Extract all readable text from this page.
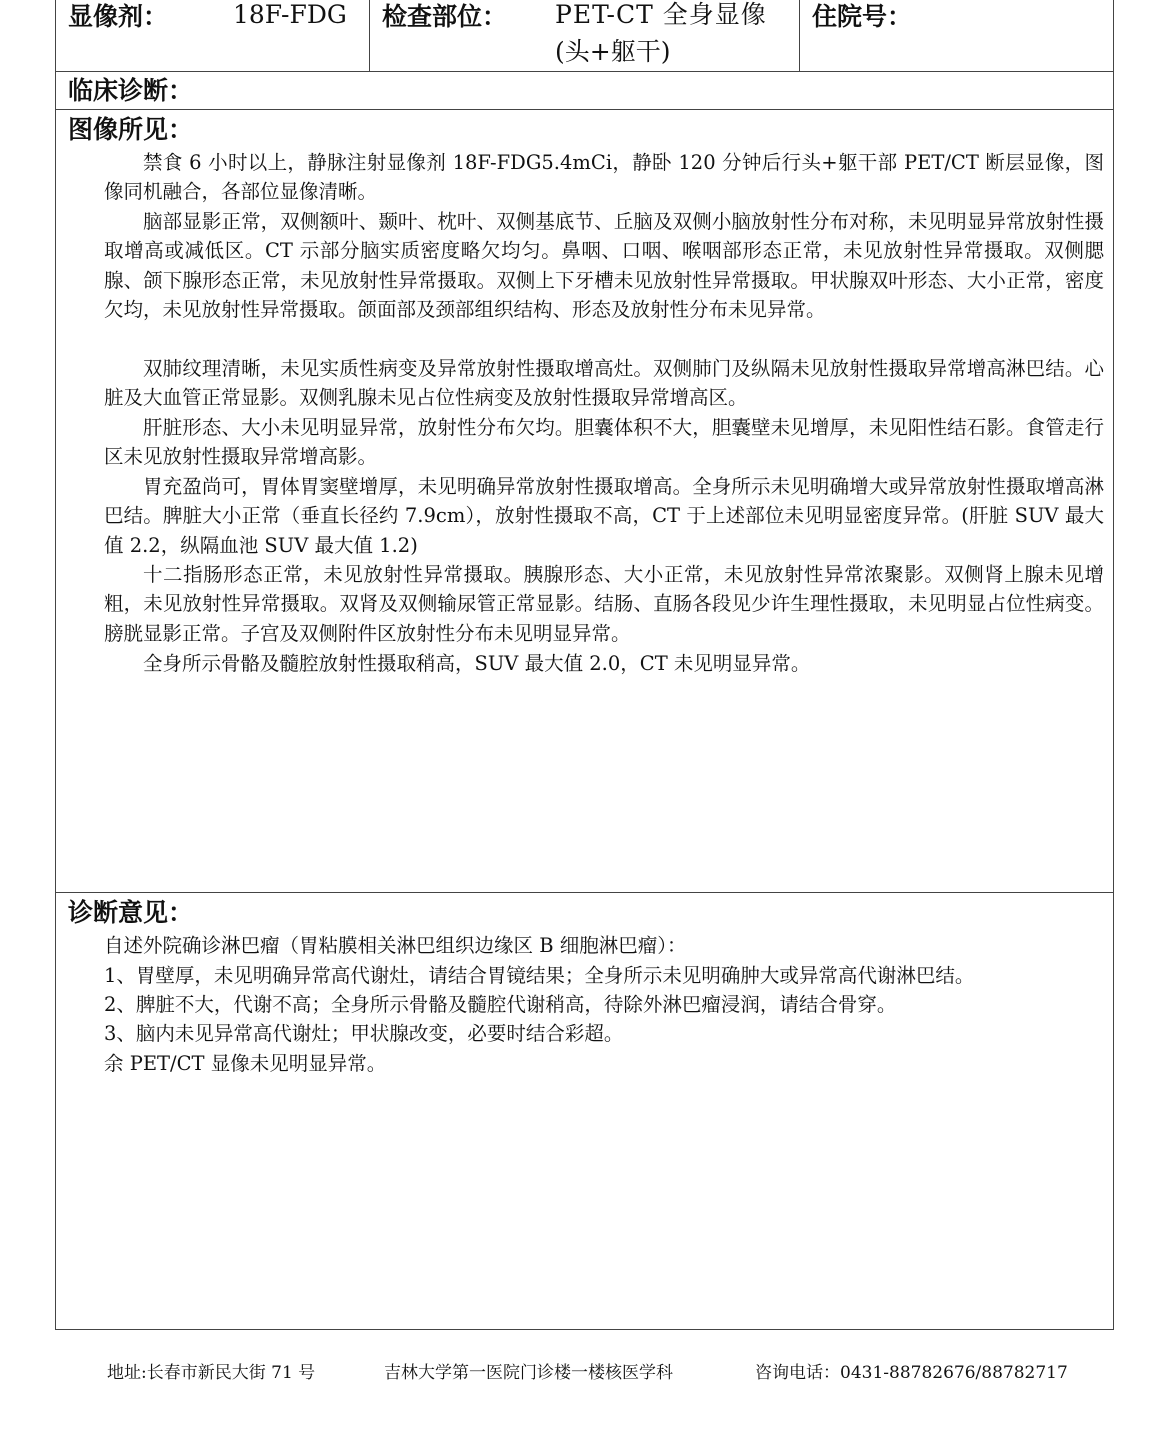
显像剂：	18F-FDG 检查部位： PET-CT 全身显像
(头+躯干)
住院号：
临床诊断：
图像所见：

禁食 6 小时以上，静脉注射显像剂 18F-FDG5.4mCi，静卧 120 分钟后行头+躯干部 PET/CT 断层显像，图像同机融合，各部位显像清晰。

脑部显影正常，双侧额叶、颞叶、枕叶、双侧基底节、丘脑及双侧小脑放射性分布对称，未见明显异常放射性摄取增高或减低区。CT 示部分脑实质密度略欠均匀。鼻咽、口咽、喉咽部形态正常，未见放射性异常摄取。双侧腮腺、颌下腺形态正常，未见放射性异常摄取。双侧上下牙槽未见放射性异常摄取。甲状腺双叶形态、大小正常，密度欠均，未见放射性异常摄取。颌面部及颈部组织结构、形态及放射性分布未见异常。

双肺纹理清晰，未见实质性病变及异常放射性摄取增高灶。双侧肺门及纵隔未见放射性摄取异常增高淋巴结。心脏及大血管正常显影。双侧乳腺未见占位性病变及放射性摄取异常增高区。

肝脏形态、大小未见明显异常，放射性分布欠均。胆囊体积不大，胆囊壁未见增厚，未见阳性结石影。食管走行区未见放射性摄取异常增高影。

胃充盈尚可，胃体胃窦壁增厚，未见明确异常放射性摄取增高。全身所示未见明确增大或异常放射性摄取增高淋巴结。脾脏大小正常（垂直长径约 7.9cm），放射性摄取不高，CT 于上述部位未见明显密度异常。(肝脏 SUV 最大值 2.2，纵隔血池 SUV 最大值 1.2)

十二指肠形态正常，未见放射性异常摄取。胰腺形态、大小正常，未见放射性异常浓聚影。双侧肾上腺未见增粗，未见放射性异常摄取。双肾及双侧输尿管正常显影。结肠、直肠各段见少许生理性摄取，未见明显占位性病变。膀胱显影正常。子宫及双侧附件区放射性分布未见明显异常。

全身所示骨骼及髓腔放射性摄取稍高，SUV 最大值 2.0，CT 未见明显异常。

诊断意见：

自述外院确诊淋巴瘤（胃粘膜相关淋巴组织边缘区 B 细胞淋巴瘤）：

1、胃壁厚，未见明确异常高代谢灶，请结合胃镜结果；全身所示未见明确肿大或异常高代谢淋巴结。

2、脾脏不大，代谢不高；全身所示骨骼及髓腔代谢稍高，待除外淋巴瘤浸润，请结合骨穿。

3、脑内未见异常高代谢灶；甲状腺改变，必要时结合彩超。

余 PET/CT 显像未见明显异常。

地址:长春市新民大街 71 号	吉林大学第一医院门诊楼一楼核医学科	咨询电话：0431-88782676/88782717
